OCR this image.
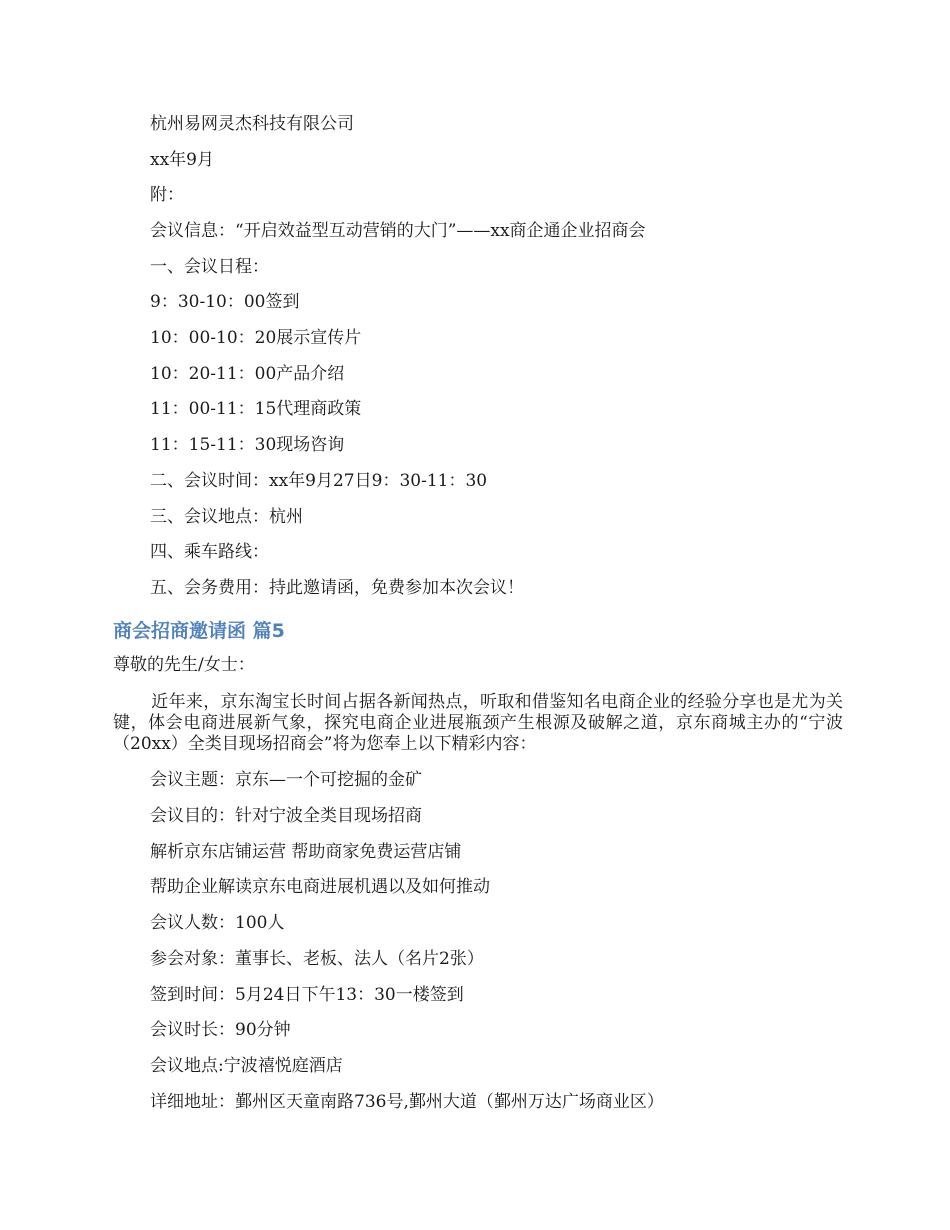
杭州易网灵杰科技有限公司
xx年9月
附：
会议信息：“开启效益型互动营销的大门”——xx商企通企业招商会
一、会议日程：
9：30-10：00签到
10：00-10：20展示宣传片
10：20-11：00产品介绍
11：00-11：15代理商政策
11：15-11：30现场咨询
二、会议时间：xx年9月27日9：30-11：30
三、会议地点：杭州
四、乘车路线：
五、会务费用：持此邀请函，免费参加本次会议！
商会招商邀请函 篇5
尊敬的先生/女士：
近年来，京东淘宝长时间占据各新闻热点，听取和借鉴知名电商企业的经验分享也是尤为关键，体会电商进展新气象，探究电商企业进展瓶颈产生根源及破解之道，京东商城主办的“宁波（20xx）全类目现场招商会”将为您奉上以下精彩内容：
会议主题：京东—一个可挖掘的金矿
会议目的：针对宁波全类目现场招商
解析京东店铺运营 帮助商家免费运营店铺
帮助企业解读京东电商进展机遇以及如何推动
会议人数：100人
参会对象：董事长、老板、法人（名片2张）
签到时间：5月24日下午13：30一楼签到
会议时长：90分钟
会议地点:宁波禧悦庭酒店
详细地址：鄞州区天童南路736号,鄞州大道（鄞州万达广场商业区）
